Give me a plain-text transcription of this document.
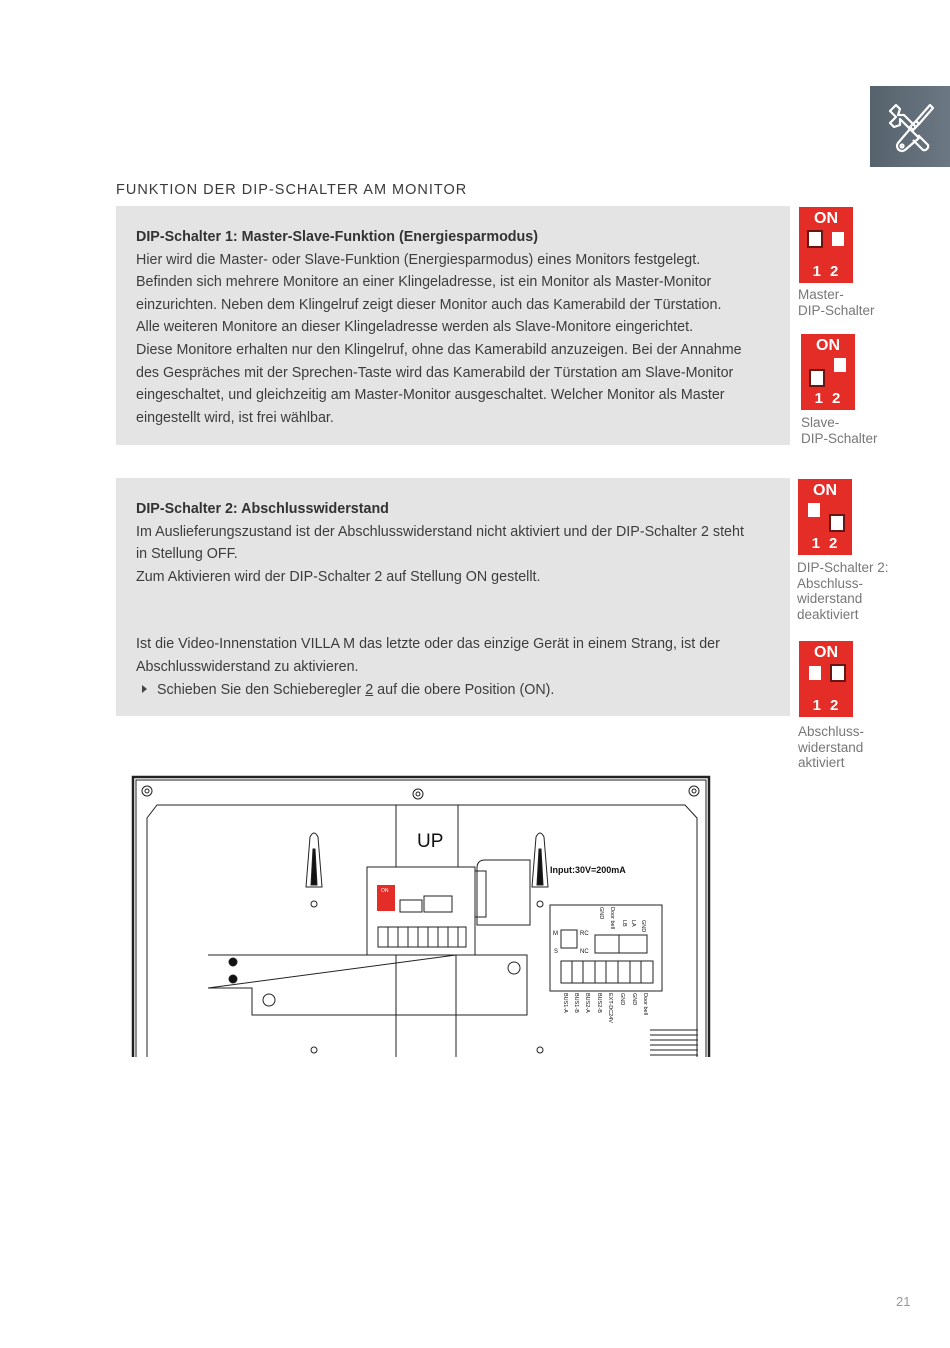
FUNKTION DER DIP-SCHALTER AM MONITOR

DIP-Schalter 1: Master-Slave-Funktion (Energiesparmodus)

Hier wird die Master- oder Slave-Funktion (Energiesparmodus) eines Monitors festgelegt.

Befinden sich mehrere Monitore an einer Klingeladresse, ist ein Monitor als Master-Monitor

einzurichten. Neben dem Klingelruf zeigt dieser Monitor auch das Kamerabild der Türstation.

Alle weiteren Monitore an dieser Klingeladresse werden als Slave-Monitore eingerichtet.

Diese Monitore erhalten nur den Klingelruf, ohne das Kamerabild anzuzeigen. Bei der Annahme

des Gespräches mit der Sprechen-Taste wird das Kamerabild der Türstation am Slave-Monitor

eingeschaltet, und gleichzeitig am Master-Monitor ausgeschaltet. Welcher Monitor als Master

eingestellt wird, ist frei wählbar.

DIP-Schalter 2: Abschlusswiderstand

Im Auslieferungszustand ist der Abschlusswiderstand nicht aktiviert und der DIP-Schalter 2 steht

in Stellung OFF.

Zum Aktivieren wird der DIP-Schalter 2 auf Stellung ON gestellt.

Ist die Video-Innenstation VILLA M das letzte oder das einzige Gerät in einem Strang, ist der

Abschlusswiderstand zu aktivieren.

Schieben Sie den Schieberegler 2 auf die obere Position (ON).

ON
12
Master-
DIP-Schalter
ON
12
Slave-
DIP-Schalter
ON
12
DIP-Schalter 2:
Abschluss-
widerstand
deaktiviert
ON
12
Abschluss-
widerstand
aktiviert
UP
Input:30V=200mA
ON
M
S
RC
NC
GND Door bell LB LA GND
BUS1-A BUS1-B BUS2-A BUS2-B EXT-DC24V GND GND Door bell
21
